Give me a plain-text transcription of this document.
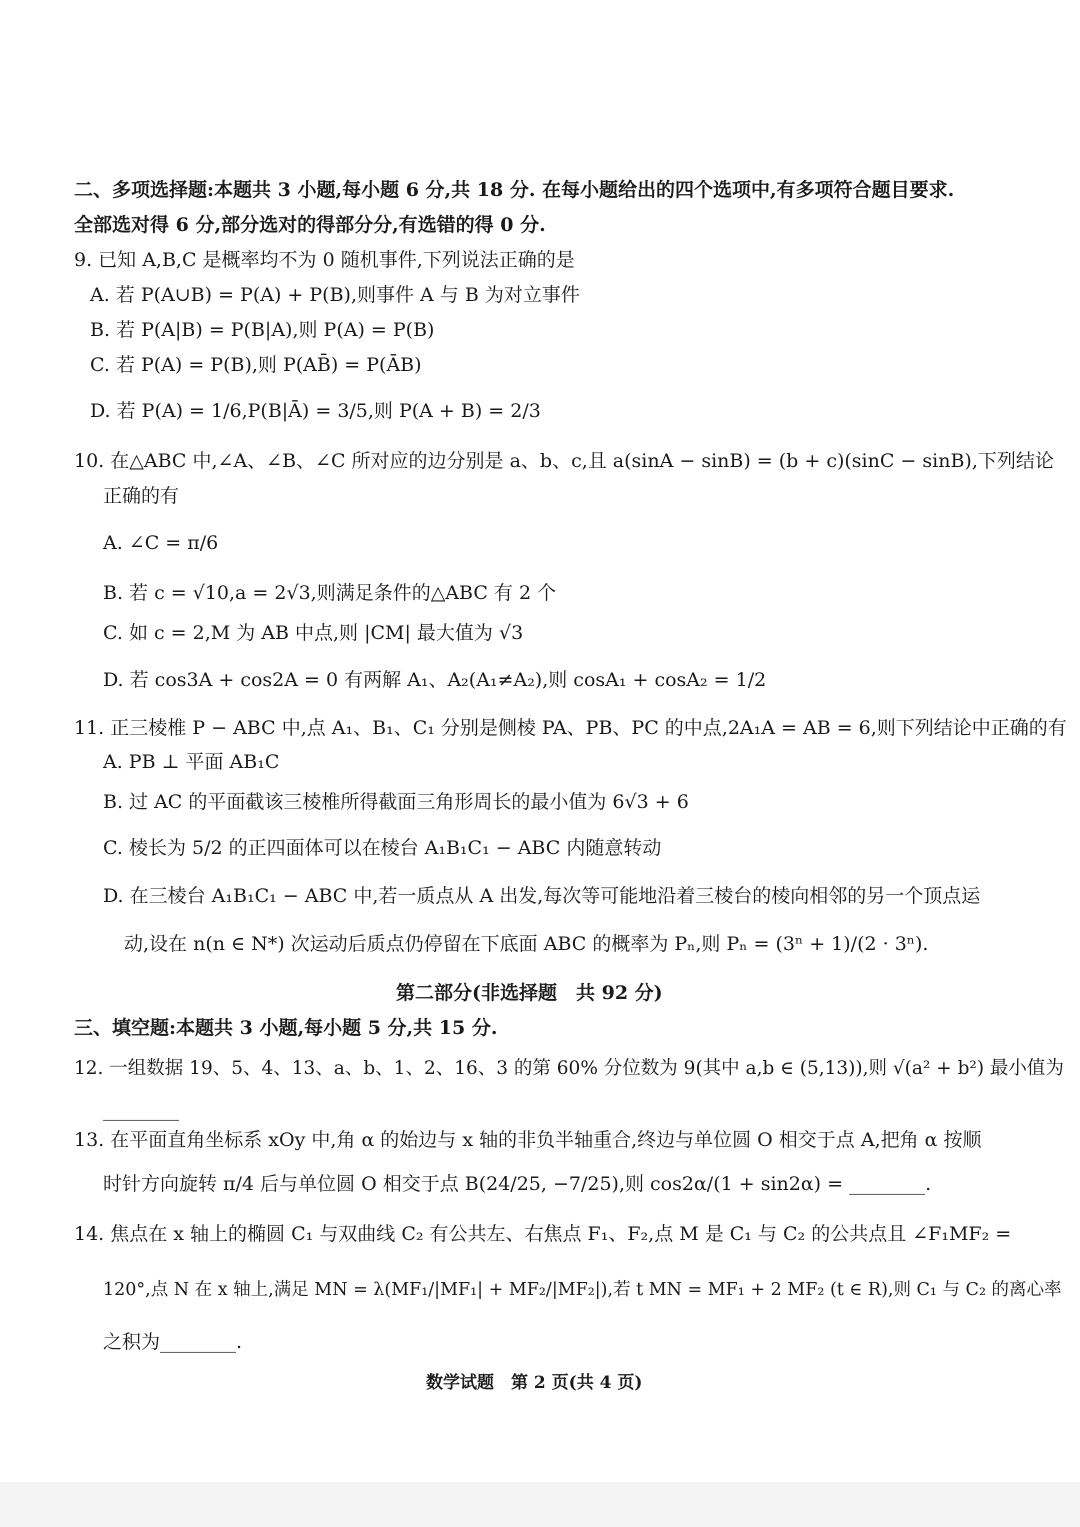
二、多项选择题:本题共 3 小题,每小题 6 分,共 18 分. 在每小题给出的四个选项中,有多项符合题目要求.
全部选对得 6 分,部分选对的得部分分,有选错的得 0 分.
9. 已知 A,B,C 是概率均不为 0 随机事件,下列说法正确的是
A. 若 P(A∪B) = P(A) + P(B),则事件 A 与 B 为对立事件
B. 若 P(A|B) = P(B|A),则 P(A) = P(B)
C. 若 P(A) = P(B),则 P(AB̄) = P(ĀB)
D. 若 P(A) = 1/6,P(B|Ā) = 3/5,则 P(A + B) = 2/3
10. 在△ABC 中,∠A、∠B、∠C 所对应的边分别是 a、b、c,且 a(sinA − sinB) = (b + c)(sinC − sinB),下列结论
正确的有
A. ∠C = π/6
B. 若 c = √10,a = 2√3,则满足条件的△ABC 有 2 个
C. 如 c = 2,M 为 AB 中点,则 |CM| 最大值为 √3
D. 若 cos3A + cos2A = 0 有两解 A₁、A₂(A₁≠A₂),则 cosA₁ + cosA₂ = 1/2
11. 正三棱椎 P − ABC 中,点 A₁、B₁、C₁ 分别是侧棱 PA、PB、PC 的中点,2A₁A = AB = 6,则下列结论中正确的有
A. PB ⊥ 平面 AB₁C
B. 过 AC 的平面截该三棱椎所得截面三角形周长的最小值为 6√3 + 6
C. 棱长为 5/2 的正四面体可以在棱台 A₁B₁C₁ − ABC 内随意转动
D. 在三棱台 A₁B₁C₁ − ABC 中,若一质点从 A 出发,每次等可能地沿着三棱台的棱向相邻的另一个顶点运
动,设在 n(n ∈ N*) 次运动后质点仍停留在下底面 ABC 的概率为 Pₙ,则 Pₙ = (3ⁿ + 1)/(2 · 3ⁿ).
第二部分(非选择题　共 92 分)
三、填空题:本题共 3 小题,每小题 5 分,共 15 分.
12. 一组数据 19、5、4、13、a、b、1、2、16、3 的第 60% 分位数为 9(其中 a,b ∈ (5,13)),则 √(a² + b²) 最小值为
________
13. 在平面直角坐标系 xOy 中,角 α 的始边与 x 轴的非负半轴重合,终边与单位圆 O 相交于点 A,把角 α 按顺
时针方向旋转 π/4 后与单位圆 O 相交于点 B(24/25, −7/25),则 cos2α/(1 + sin2α) = ________.
14. 焦点在 x 轴上的椭圆 C₁ 与双曲线 C₂ 有公共左、右焦点 F₁、F₂,点 M 是 C₁ 与 C₂ 的公共点且 ∠F₁MF₂ =
120°,点 N 在 x 轴上,满足 MN = λ(MF₁/|MF₁| + MF₂/|MF₂|),若 t MN = MF₁ + 2 MF₂ (t ∈ R),则 C₁ 与 C₂ 的离心率
之积为________.
数学试题　第 2 页(共 4 页)
